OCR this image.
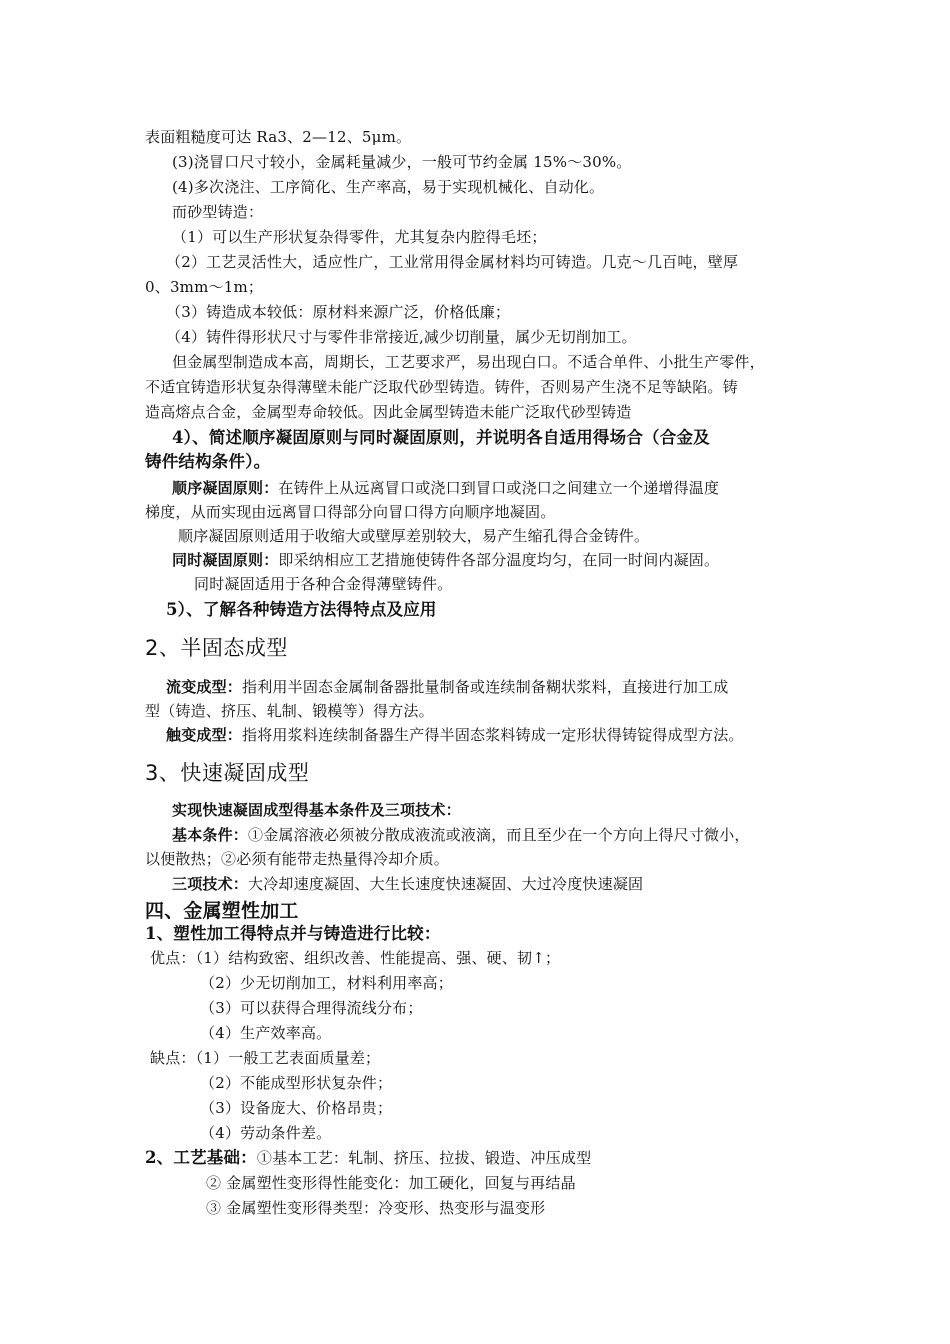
表面粗糙度可达 Ra3、2—12、5μm。
(3)浇冒口尺寸较小，金属耗量减少，一般可节约金属 15%～30%。
(4)多次浇注、工序简化、生产率高，易于实现机械化、自动化。
而砂型铸造：
（1）可以生产形状复杂得零件，尤其复杂内腔得毛坯；
（2）工艺灵活性大，适应性广，工业常用得金属材料均可铸造。几克～几百吨，壁厚
0、3mm～1m；
（3）铸造成本较低：原材料来源广泛，价格低廉；
（4）铸件得形状尺寸与零件非常接近,减少切削量，属少无切削加工。
但金属型制造成本高，周期长，工艺要求严，易出现白口。不适合单件、小批生产零件，
不适宜铸造形状复杂得薄壁未能广泛取代砂型铸造。铸件，否则易产生浇不足等缺陷。铸
造高熔点合金，金属型寿命较低。因此金属型铸造未能广泛取代砂型铸造
4）、简述顺序凝固原则与同时凝固原则，并说明各自适用得场合（合金及
铸件结构条件）。
顺序凝固原则：在铸件上从远离冒口或浇口到冒口或浇口之间建立一个递增得温度
梯度，从而实现由远离冒口得部分向冒口得方向顺序地凝固。
顺序凝固原则适用于收缩大或壁厚差别较大，易产生缩孔得合金铸件。
同时凝固原则：即采纳相应工艺措施使铸件各部分温度均匀，在同一时间内凝固。
同时凝固适用于各种合金得薄壁铸件。
5）、了解各种铸造方法得特点及应用
2、半固态成型
流变成型：指利用半固态金属制备器批量制备或连续制备糊状浆料，直接进行加工成
型（铸造、挤压、轧制、锻模等）得方法。
触变成型：指将用浆料连续制备器生产得半固态浆料铸成一定形状得铸锭得成型方法。
3、快速凝固成型
实现快速凝固成型得基本条件及三项技术：
基本条件：①金属溶液必须被分散成液流或液滴，而且至少在一个方向上得尺寸微小，
以便散热；②必须有能带走热量得冷却介质。
三项技术：大冷却速度凝固、大生长速度快速凝固、大过冷度快速凝固
四、金属塑性加工
1、塑性加工得特点并与铸造进行比较：
优点：（1）结构致密、组织改善、性能提高、强、硬、韧↑；
（2）少无切削加工，材料利用率高；
（3）可以获得合理得流线分布；
（4）生产效率高。
缺点：（1）一般工艺表面质量差；
（2）不能成型形状复杂件；
（3）设备庞大、价格昂贵；
（4）劳动条件差。
2、工艺基础：①基本工艺：轧制、挤压、拉拔、锻造、冲压成型
② 金属塑性变形得性能变化：加工硬化，回复与再结晶
③ 金属塑性变形得类型：冷变形、热变形与温变形
